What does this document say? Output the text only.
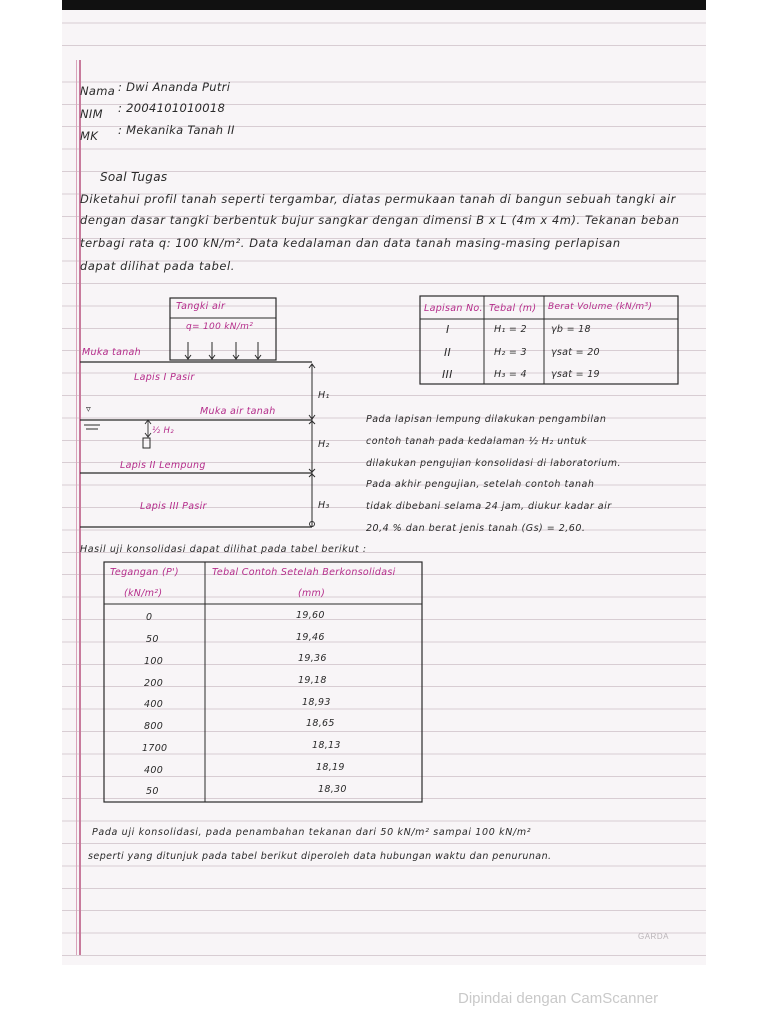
Nama : Dwi Ananda Putri
NIM : 2004101010018
MK : Mekanika Tanah II
Soal Tugas
Diketahui profil tanah seperti tergambar, diatas permukaan tanah di bangun sebuah tangki air
dengan dasar tangki berbentuk bujur sangkar dengan dimensi B x L (4m x 4m). Tekanan beban
terbagi rata q: 100 kN/m². Data kedalaman dan data tanah masing-masing perlapisan
dapat dilihat pada tabel.
Tangki air
q= 100 kN/m²
Muka tanah
Lapis I Pasir
▿	Muka air tanah
½ H₂
Lapis II Lempung
Lapis III Pasir
H₁
H₂
H₃
Lapisan No. Tebal (m) Berat Volume (kN/m³)
I	H₁ = 2	γb = 18
II	H₂ = 3	γsat = 20
III	H₃ = 4	γsat = 19
Pada lapisan lempung dilakukan pengambilan
contoh tanah pada kedalaman ½ H₂ untuk
dilakukan pengujian konsolidasi di laboratorium.
Pada akhir pengujian, setelah contoh tanah
tidak dibebani selama 24 jam, diukur kadar air
20,4 % dan berat jenis tanah (Gs) = 2,60.
Hasil uji konsolidasi dapat dilihat pada tabel berikut :
Tegangan (P')
(kN/m²)
Tebal Contoh Setelah Berkonsolidasi
(mm)
0	19,60
50	19,46
100	19,36
200	19,18
400	18,93
800	18,65
1700	18,13
400	18,19
50	18,30
Pada uji konsolidasi, pada penambahan tekanan dari 50 kN/m² sampai 100 kN/m²
seperti yang ditunjuk pada tabel berikut diperoleh data hubungan waktu dan penurunan.
GARDA
Dipindai dengan CamScanner
